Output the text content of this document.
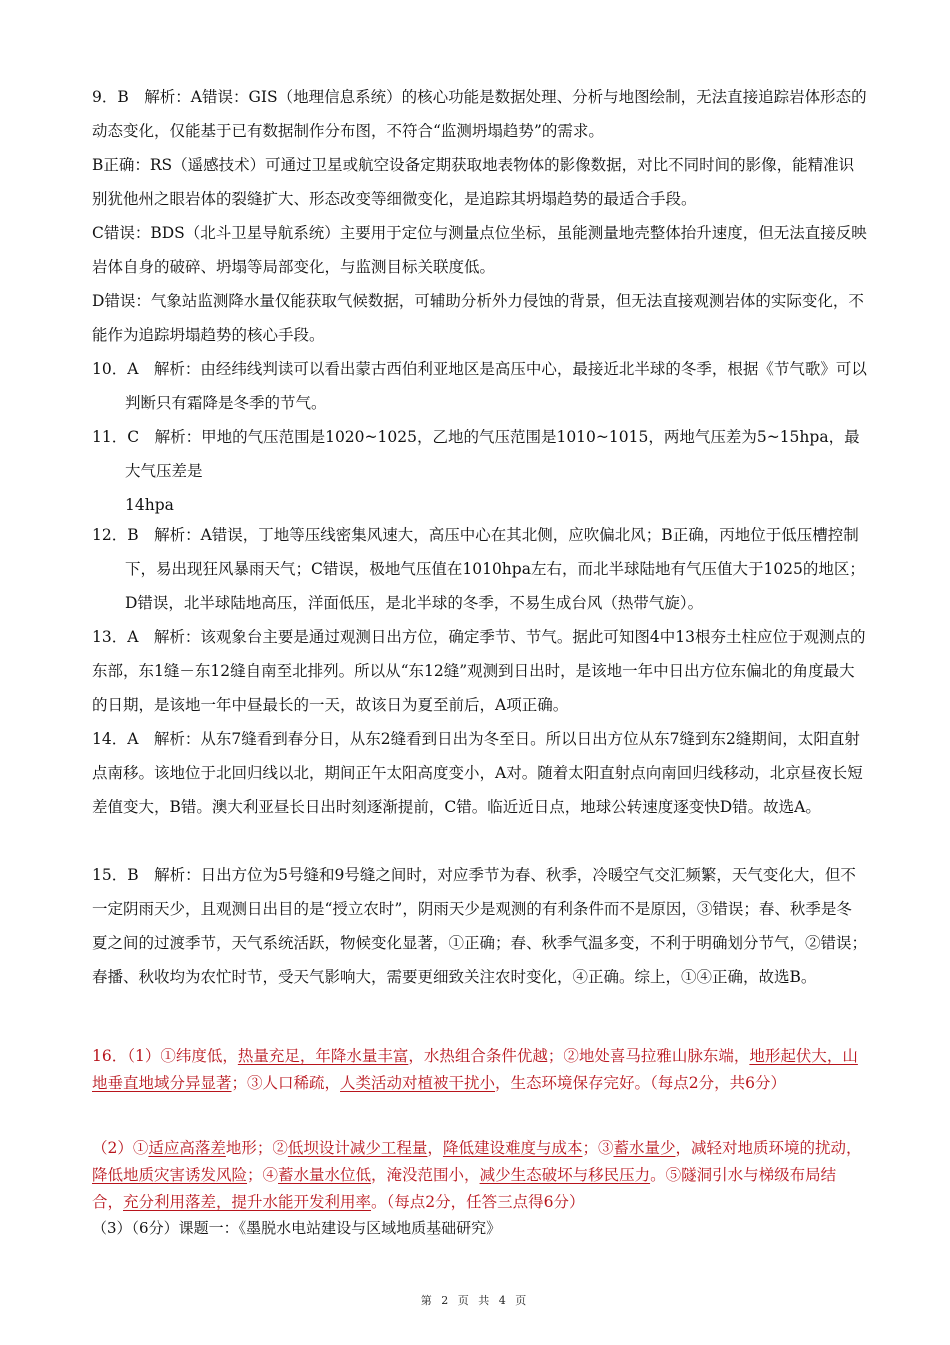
9．B　解析：A错误：GIS（地理信息系统）的核心功能是数据处理、分析与地图绘制，无法直接追踪岩体形态的动态变化，仅能基于已有数据制作分布图，不符合“监测坍塌趋势”的需求。

B正确：RS（遥感技术）可通过卫星或航空设备定期获取地表物体的影像数据，对比不同时间的影像，能精准识别犹他州之眼岩体的裂缝扩大、形态改变等细微变化，是追踪其坍塌趋势的最适合手段。

C错误：BDS（北斗卫星导航系统）主要用于定位与测量点位坐标，虽能测量地壳整体抬升速度，但无法直接反映岩体自身的破碎、坍塌等局部变化，与监测目标关联度低。

D错误：气象站监测降水量仅能获取气候数据，可辅助分析外力侵蚀的背景，但无法直接观测岩体的实际变化，不能作为追踪坍塌趋势的核心手段。

10．A　解析：由经纬线判读可以看出蒙古西伯利亚地区是高压中心，最接近北半球的冬季，根据《节气歌》可以判断只有霜降是冬季的节气。

11．C　解析：甲地的气压范围是1020~1025，乙地的气压范围是1010~1015，两地气压差为5~15hpa，最大气压差是

14hpa

12．B　解析：A错误，丁地等压线密集风速大，高压中心在其北侧，应吹偏北风；B正确，丙地位于低压槽控制下，易出现狂风暴雨天气；C错误，极地气压值在1010hpa左右，而北半球陆地有气压值大于1025的地区；D错误，北半球陆地高压，洋面低压，是北半球的冬季，不易生成台风（热带气旋）。

13．A　解析：该观象台主要是通过观测日出方位，确定季节、节气。据此可知图4中13根夯土柱应位于观测点的东部，东1缝－东12缝自南至北排列。所以从“东12缝”观测到日出时，是该地一年中日出方位东偏北的角度最大的日期，是该地一年中昼最长的一天，故该日为夏至前后，A项正确。

14．A　解析：从东7缝看到春分日，从东2缝看到日出为冬至日。所以日出方位从东7缝到东2缝期间，太阳直射点南移。该地位于北回归线以北，期间正午太阳高度变小，A对。随着太阳直射点向南回归线移动，北京昼夜长短差值变大，B错。澳大利亚昼长日出时刻逐渐提前，C错。临近近日点，地球公转速度逐变快D错。故选A。

15．B　解析：日出方位为5号缝和9号缝之间时，对应季节为春、秋季，冷暖空气交汇频繁，天气变化大，但不一定阴雨天少，且观测日出目的是“授立农时”，阴雨天少是观测的有利条件而不是原因，③错误；春、秋季是冬夏之间的过渡季节，天气系统活跃，物候变化显著，①正确；春、秋季气温多变，不利于明确划分节气，②错误；春播、秋收均为农忙时节，受天气影响大，需要更细致关注农时变化，④正确。综上，①④正确，故选B。

16．（1）①纬度低，热量充足，年降水量丰富，水热组合条件优越；②地处喜马拉雅山脉东端，地形起伏大，山地垂直地域分异显著；③人口稀疏，人类活动对植被干扰小，生态环境保存完好。（每点2分，共6分）

（2）①适应高落差地形；②低坝设计减少工程量，降低建设难度与成本；③蓄水量少，减轻对地质环境的扰动，降低地质灾害诱发风险；④蓄水量水位低，淹没范围小，减少生态破坏与移民压力。⑤隧洞引水与梯级布局结合，充分利用落差，提升水能开发利用率。（每点2分，任答三点得6分）

（3）（6分）课题一：《墨脱水电站建设与区域地质基础研究》

第 2 页 共 4 页
